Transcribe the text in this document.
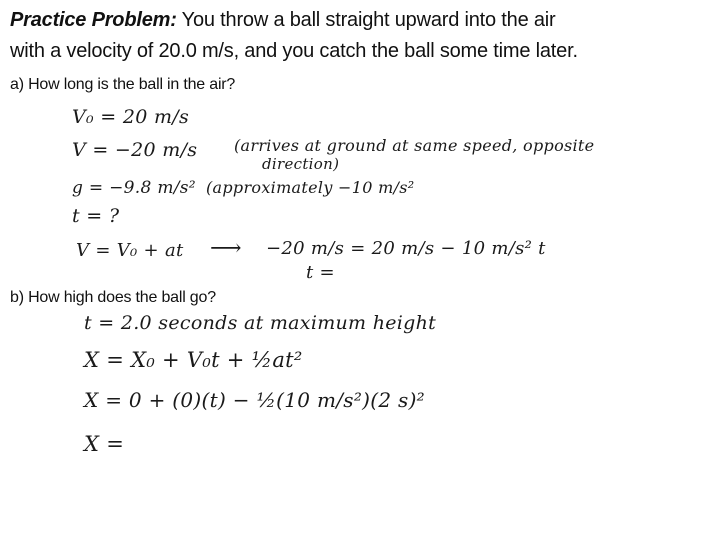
Practice Problem: You throw a ball straight upward into the air
with a velocity of 20.0 m/s, and you catch the ball some time later.
a) How long is the ball in the air?
V₀ = 20 m/s
V = −20 m/s (arrives at ground at same speed, opposite
direction)
g = −9.8 m/s² (approximately −10 m/s²
t = ?
V = V₀ + at ⟶ −20 m/s = 20 m/s − 10 m/s² t
t =
b) How high does the ball go?
t = 2.0 seconds at maximum height
X = X₀ + V₀t + ½at²
X = 0 + (0)(t) − ½(10 m/s²)(2 s)²
X =
